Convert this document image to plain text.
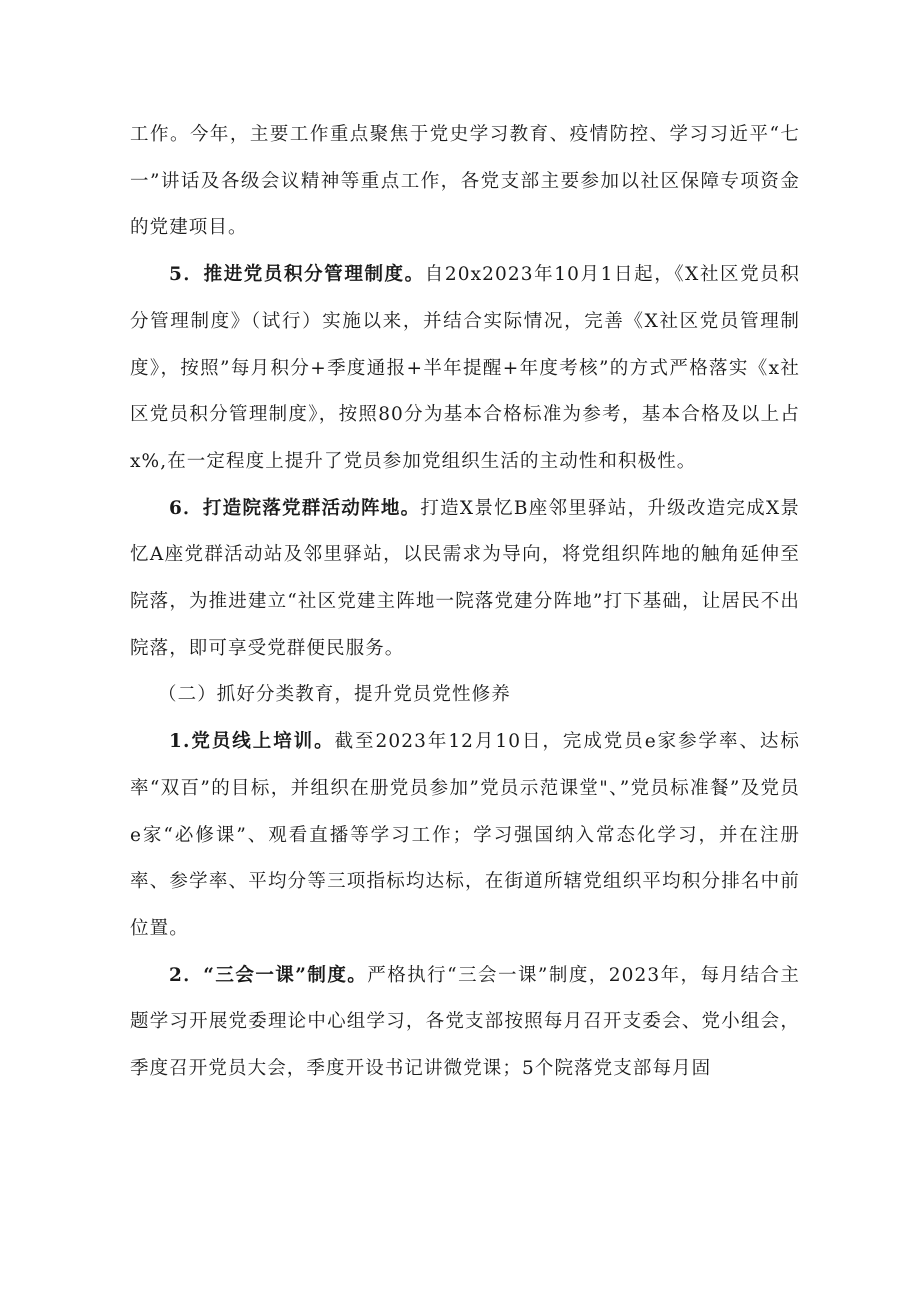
工作。今年，主要工作重点聚焦于党史学习教育、疫情防控、学习习近平“七一”讲话及各级会议精神等重点工作，各党支部主要参加以社区保障专项资金的党建项目。

5．推进党员积分管理制度。自20x2023年10月1日起，《X社区党员积分管理制度》（试行）实施以来，并结合实际情况，完善《X社区党员管理制度》，按照”每月积分+季度通报+半年提醒+年度考核”的方式严格落实《x社区党员积分管理制度》，按照80分为基本合格标准为参考，基本合格及以上占x%,在一定程度上提升了党员参加党组织生活的主动性和积极性。

6．打造院落党群活动阵地。打造X景忆B座邻里驿站，升级改造完成X景忆A座党群活动站及邻里驿站，以民需求为导向，将党组织阵地的触角延伸至院落，为推进建立“社区党建主阵地一院落党建分阵地”打下基础，让居民不出院落，即可享受党群便民服务。

（二）抓好分类教育，提升党员党性修养

1.党员线上培训。截至2023年12月10日，完成党员e家参学率、达标率“双百”的目标，并组织在册党员参加”党员示范课堂"、”党员标准餐”及党员e家“必修课”、观看直播等学习工作；学习强国纳入常态化学习，并在注册率、参学率、平均分等三项指标均达标，在街道所辖党组织平均积分排名中前位置。

2．“三会一课”制度。严格执行“三会一课”制度，2023年，每月结合主题学习开展党委理论中心组学习，各党支部按照每月召开支委会、党小组会，季度召开党员大会，季度开设书记讲微党课；5个院落党支部每月固
